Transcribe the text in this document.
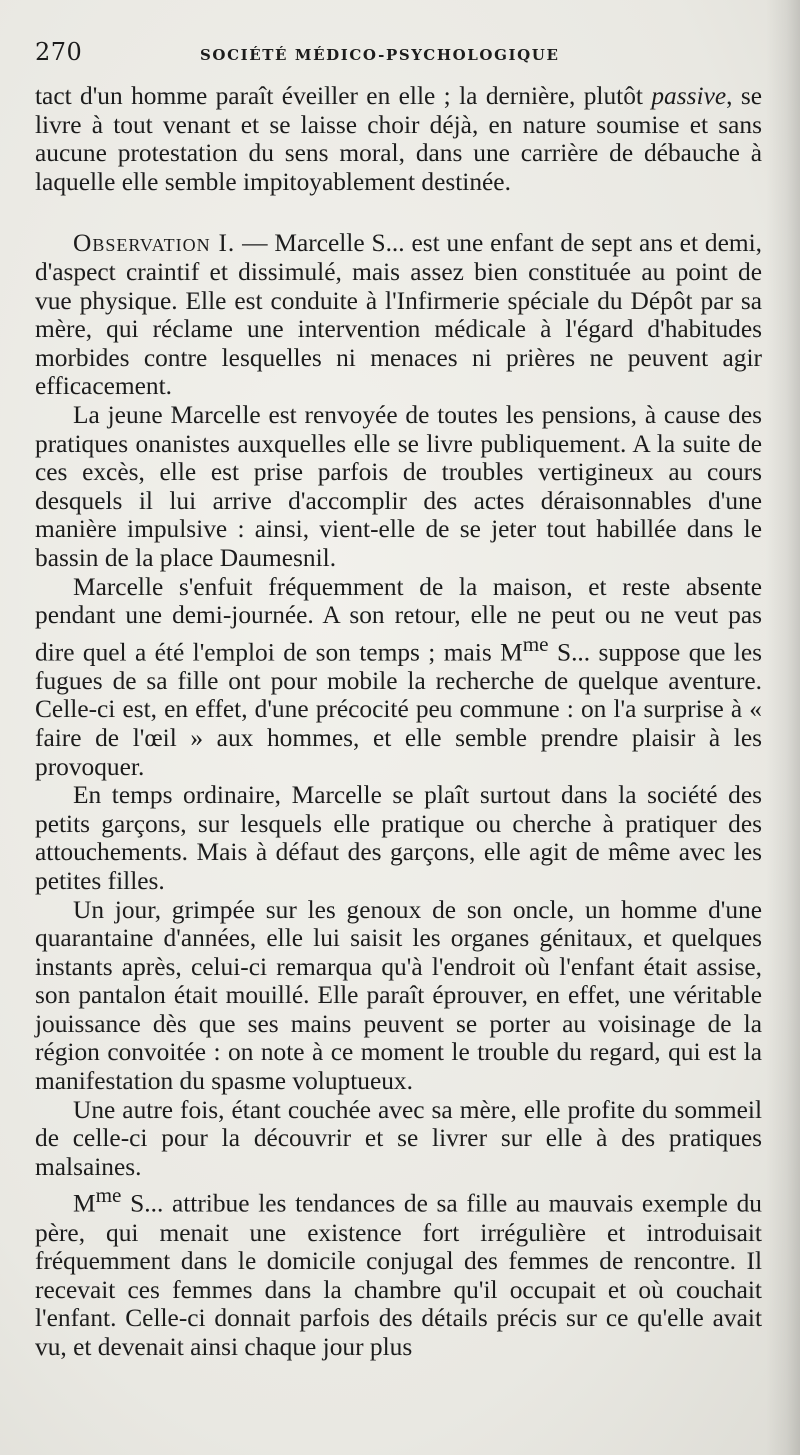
270	SOCIÉTÉ MÉDICO-PSYCHOLOGIQUE

tact d'un homme paraît éveiller en elle ; la dernière, plutôt passive, se livre à tout venant et se laisse choir déjà, en nature soumise et sans aucune protestation du sens moral, dans une carrière de débauche à laquelle elle semble impitoyablement destinée.

Observation I. — Marcelle S... est une enfant de sept ans et demi, d'aspect craintif et dissimulé, mais assez bien constituée au point de vue physique. Elle est conduite à l'Infirmerie spéciale du Dépôt par sa mère, qui réclame une intervention médicale à l'égard d'habitudes morbides contre lesquelles ni menaces ni prières ne peuvent agir efficacement.

La jeune Marcelle est renvoyée de toutes les pensions, à cause des pratiques onanistes auxquelles elle se livre publiquement. A la suite de ces excès, elle est prise parfois de troubles vertigineux au cours desquels il lui arrive d'accomplir des actes déraisonnables d'une manière impulsive : ainsi, vient-elle de se jeter tout habillée dans le bassin de la place Daumesnil.

Marcelle s'enfuit fréquemment de la maison, et reste absente pendant une demi-journée. A son retour, elle ne peut ou ne veut pas dire quel a été l'emploi de son temps ; mais $M^{me}$ S... suppose que les fugues de sa fille ont pour mobile la recherche de quelque aventure. Celle-ci est, en effet, d'une précocité peu commune : on l'a surprise à « faire de l'œil » aux hommes, et elle semble prendre plaisir à les provoquer.

En temps ordinaire, Marcelle se plaît surtout dans la société des petits garçons, sur lesquels elle pratique ou cherche à pratiquer des attouchements. Mais à défaut des garçons, elle agit de même avec les petites filles.

Un jour, grimpée sur les genoux de son oncle, un homme d'une quarantaine d'années, elle lui saisit les organes génitaux, et quelques instants après, celui-ci remarqua qu'à l'endroit où l'enfant était assise, son pantalon était mouillé. Elle paraît éprouver, en effet, une véritable jouissance dès que ses mains peuvent se porter au voisinage de la région convoitée : on note à ce moment le trouble du regard, qui est la manifestation du spasme voluptueux.

Une autre fois, étant couchée avec sa mère, elle profite du sommeil de celle-ci pour la découvrir et se livrer sur elle à des pratiques malsaines.

$M^{me}$ S... attribue les tendances de sa fille au mauvais exemple du père, qui menait une existence fort irrégulière et introduisait fréquemment dans le domicile conjugal des femmes de rencontre. Il recevait ces femmes dans la chambre qu'il occupait et où couchait l'enfant. Celle-ci donnait parfois des détails précis sur ce qu'elle avait vu, et devenait ainsi chaque jour plus
